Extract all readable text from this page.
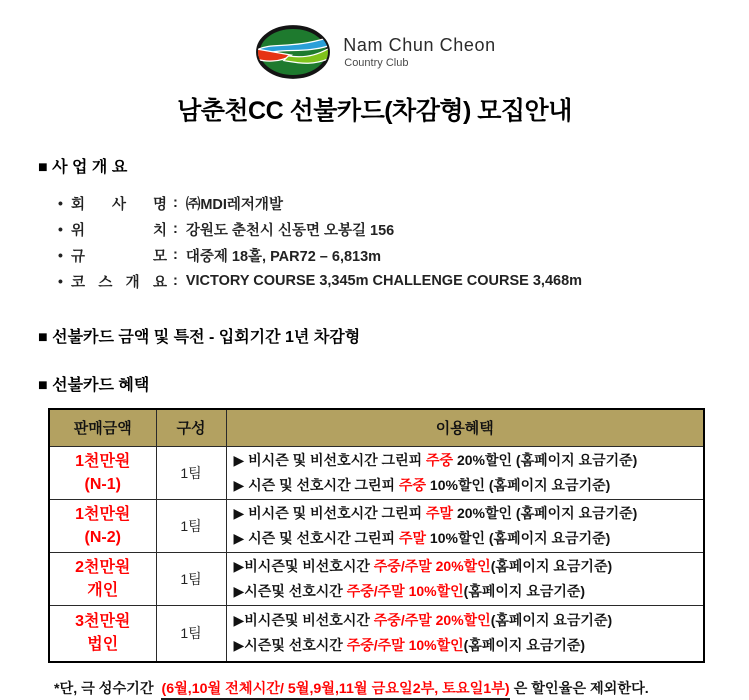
Nam Chun Cheon
Country Club
남춘천CC 선불카드(차감형) 모집안내
■ 사 업 개 요
• 회 사 명 : ㈜MDI레저개발
• 위 치 : 강원도 춘천시 신동면 오봉길 156
• 규 모 : 대중제 18홀, PAR72 – 6,813m
• 코 스 개 요 : VICTORY COURSE 3,345m CHALLENGE COURSE 3,468m
■ 선불카드 금액 및 특전 - 입회기간 1년 차감형
■ 선불카드 혜택
판매금액	구성	이용혜택

1천만원
(N-1)
	1팀	
▶ 비시즌 및 비선호시간 그린피 주중 20%할인 (홈페이지 요금기준)
▶ 시즌 및 선호시간 그린피 주중 10%할인 (홈페이지 요금기준)

1천만원
(N-2)
	1팀	
▶ 비시즌 및 비선호시간 그린피 주말 20%할인 (홈페이지 요금기준)
▶ 시즌 및 선호시간 그린피 주말 10%할인 (홈페이지 요금기준)

2천만원
개인
	1팀	
▶비시즌및 비선호시간 주중/주말 20%할인(홈페이지 요금기준)
▶시즌및 선호시간 주중/주말 10%할인(홈페이지 요금기준)

3천만원
법인
	1팀	
▶비시즌및 비선호시간 주중/주말 20%할인(홈페이지 요금기준)
▶시즌및 선호시간 주중/주말 10%할인(홈페이지 요금기준)
*단, 극 성수기간  (6월,10월 전체시간/ 5월,9월,11월 금요일2부, 토요일1부) 은 할인율은 제외한다.
